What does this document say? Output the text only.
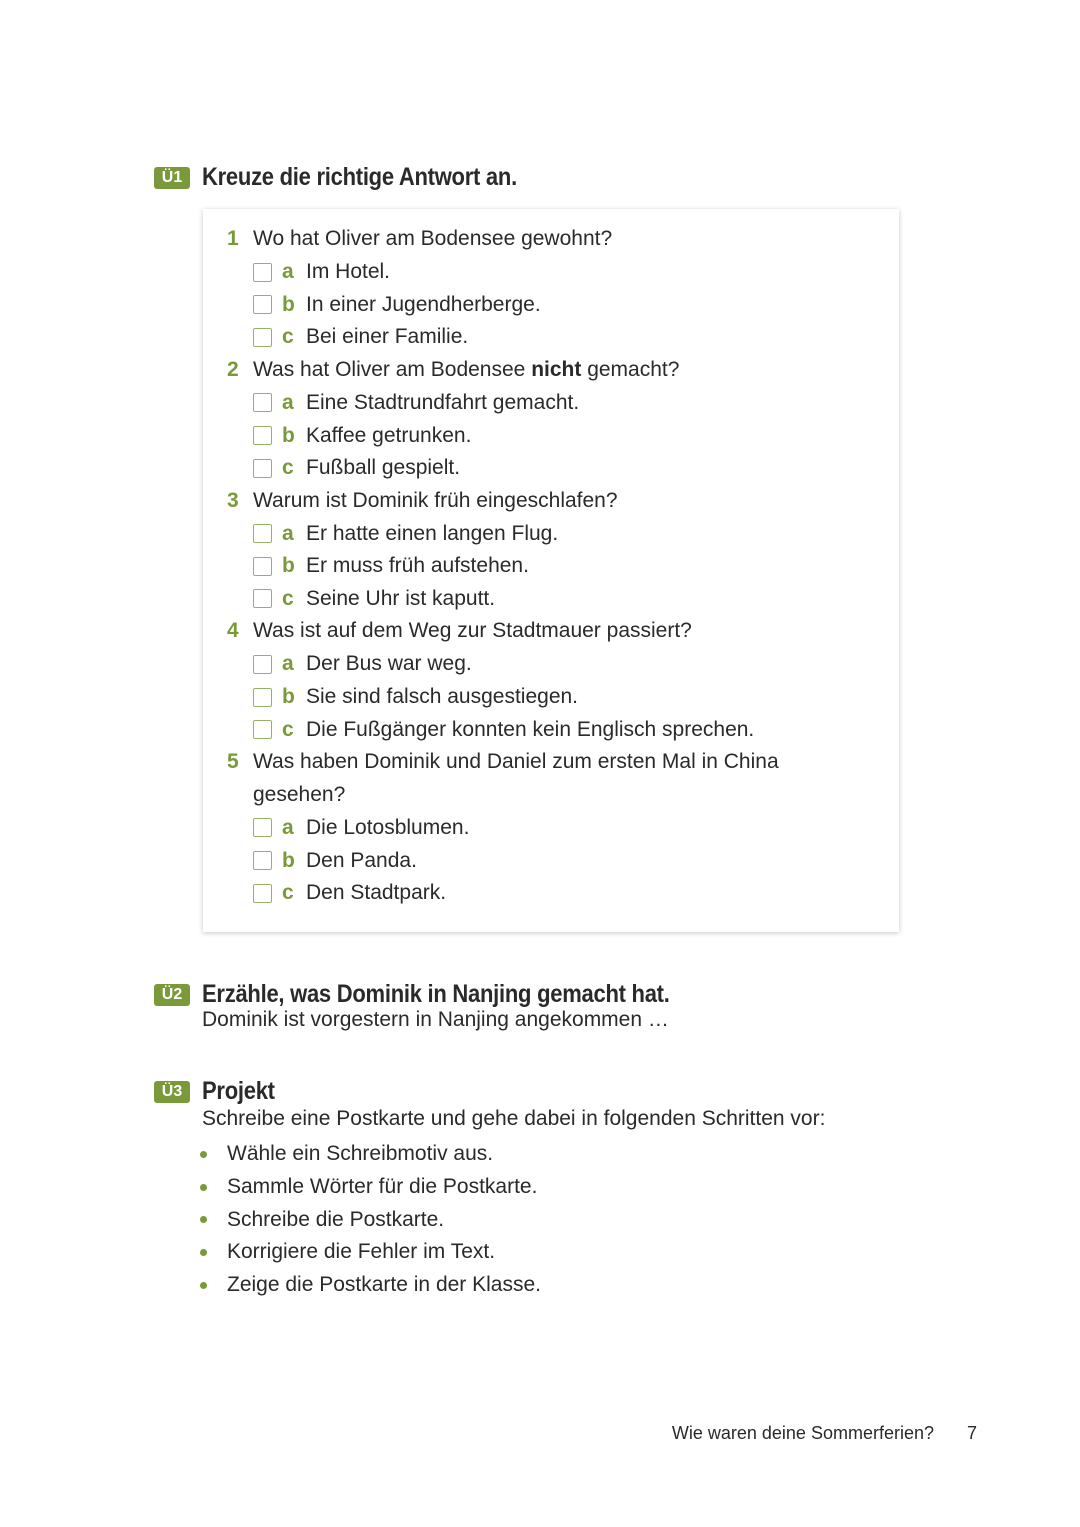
Ü1 Kreuze die richtige Antwort an.
1 Wo hat Oliver am Bodensee gewohnt?
a Im Hotel.
b In einer Jugendherberge.
c Bei einer Familie.
2 Was hat Oliver am Bodensee nicht gemacht?
a Eine Stadtrundfahrt gemacht.
b Kaffee getrunken.
c Fußball gespielt.
3 Warum ist Dominik früh eingeschlafen?
a Er hatte einen langen Flug.
b Er muss früh aufstehen.
c Seine Uhr ist kaputt.
4 Was ist auf dem Weg zur Stadtmauer passiert?
a Der Bus war weg.
b Sie sind falsch ausgestiegen.
c Die Fußgänger konnten kein Englisch sprechen.
5 Was haben Dominik und Daniel zum ersten Mal in China gesehen?
a Die Lotosblumen.
b Den Panda.
c Den Stadtpark.
Ü2 Erzähle, was Dominik in Nanjing gemacht hat.
Dominik ist vorgestern in Nanjing angekommen …
Ü3 Projekt
Schreibe eine Postkarte und gehe dabei in folgenden Schritten vor:
Wähle ein Schreibmotiv aus.
Sammle Wörter für die Postkarte.
Schreibe die Postkarte.
Korrigiere die Fehler im Text.
Zeige die Postkarte in der Klasse.
Wie waren deine Sommerferien? 7
